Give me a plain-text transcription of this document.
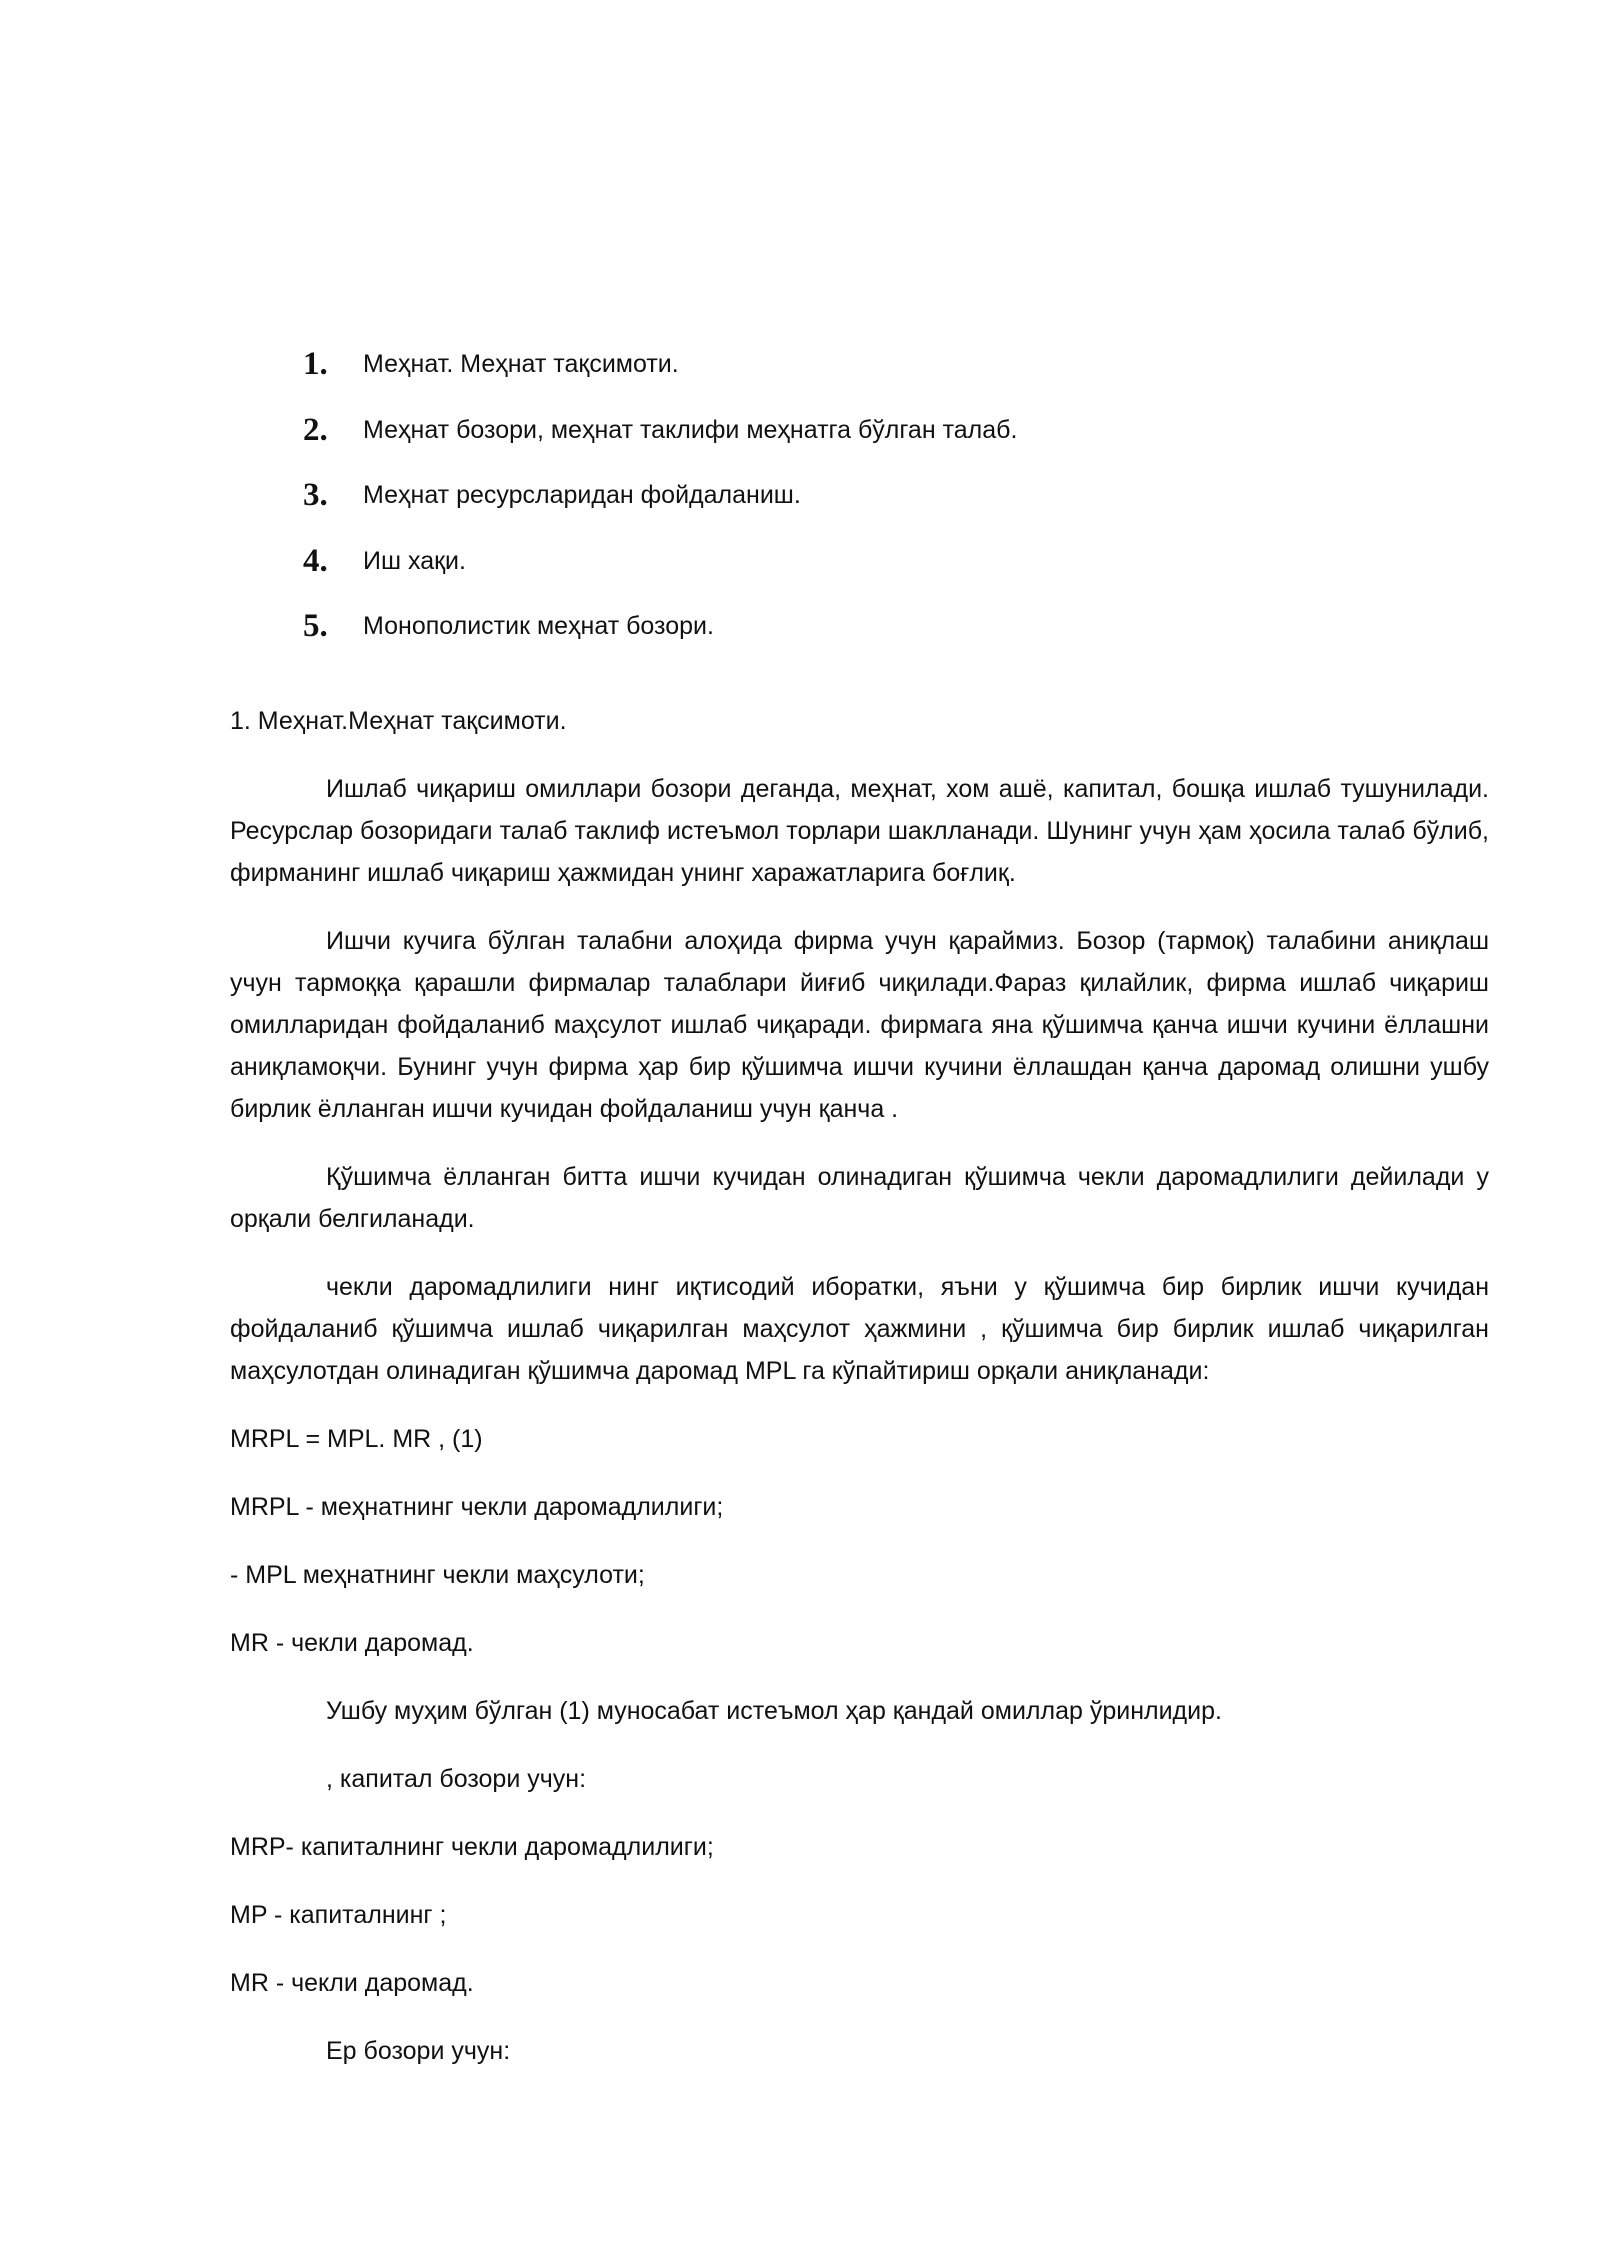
1.	Меҳнат. Меҳнат тақсимоти.
2.	Меҳнат бозори, меҳнат таклифи меҳнатга бўлган талаб.
3.	Меҳнат ресурсларидан фойдаланиш.
4.	Иш хақи.
5.	Монополистик меҳнат бозори.
1. Меҳнат.Меҳнат тақсимоти.

Ишлаб чиқариш омиллари бозори деганда, меҳнат, хом ашё, капитал, бошқа ишлаб тушунилади. Ресурслар бозоридаги талаб таклиф истеъмол торлари шаклланади. Шунинг учун ҳам ҳосила талаб бўлиб, фирманинг ишлаб чиқариш ҳажмидан унинг харажатларига боғлиқ.

Ишчи кучига бўлган талабни алоҳида фирма учун қараймиз. Бозор (тармоқ) талабини аниқлаш учун тармоққа қарашли фирмалар талаблари йиғиб чиқилади.Фараз қилайлик, фирма ишлаб чиқариш омилларидан фойдаланиб маҳсулот ишлаб чиқаради. фирмага яна қўшимча қанча ишчи кучини ёллашни аниқламоқчи. Бунинг учун фирма ҳар бир қўшимча ишчи кучини ёллашдан қанча даромад олишни ушбу бирлик ёлланган ишчи кучидан фойдаланиш учун қанча .

Қўшимча ёлланган битта ишчи кучидан олинадиган қўшимча чекли даромадлилиги дейилади у орқали белгиланади.

чекли даромадлилиги нинг иқтисодий иборатки, яъни у қўшимча бир бирлик ишчи кучидан фойдаланиб қўшимча ишлаб чиқарилган маҳсулот ҳажмини , қўшимча бир бирлик ишлаб чиқарилган маҳсулотдан олинадиган қўшимча даромад MPL га кўпайтириш орқали аниқланади:

MRPL = MPL. MR , (1)
MRPL - меҳнатнинг чекли даромадлилиги;
- MPL меҳнатнинг чекли маҳсулоти;
MR - чекли даромад.
Ушбу муҳим бўлган (1) муносабат истеъмол ҳар қандай омиллар ўринлидир.
, капитал бозори учун:
MRP- капиталнинг чекли даромадлилиги;
MP - капиталнинг ;
MR - чекли даромад.
Ер бозори учун:
